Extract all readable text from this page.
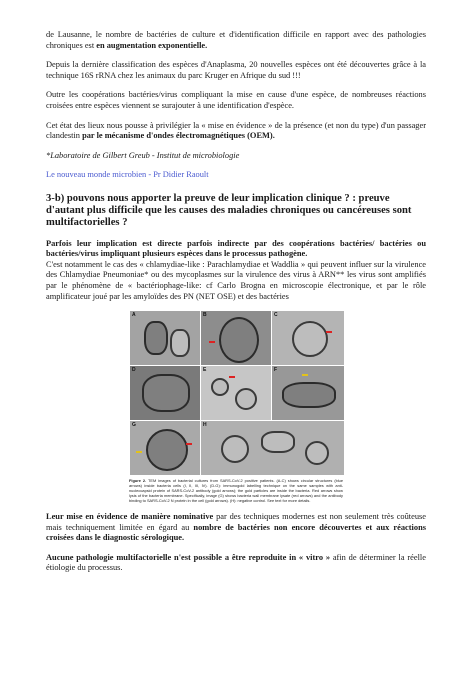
de Lausanne, le nombre de bactéries de culture et d'identification difficile en rapport avec des pathologies chroniques est en augmentation exponentielle.

Depuis la dernière classification des espèces d'Anaplasma, 20 nouvelles espèces ont été découvertes grâce à la technique 16S rRNA chez les animaux du parc Kruger en Afrique du sud !!!

Outre les coopérations bactéries/virus compliquant la mise en cause d'une espèce, de nombreuses réactions croisées entre espèces viennent se surajouter à une identification d'espèce.

Cet état des lieux nous pousse à privilégier la « mise en évidence » de la présence (et non du type) d'un passager clandestin par le mécanisme d'ondes électromagnétiques (OEM).

*Laboratoire de Gilbert Greub - Institut de microbiologie

Le nouveau monde microbien - Pr Didier Raoult

3-b) pouvons nous apporter la preuve de leur implication clinique ? : preuve d'autant plus difficile que les causes des maladies chroniques ou cancéreuses sont multifactorielles ?

Parfois leur implication est directe parfois indirecte par des coopérations bactéries/ bactéries ou bactéries/virus impliquant plusieurs espèces dans le processus pathogène.
C'est notamment le cas des « chlamydiae-like : Parachlamydiae et Waddlia » qui peuvent influer sur la virulence des Chlamydiae Pneumoniae* ou des mycoplasmes sur la virulence des virus à ARN** les virus sont amplifiés par le phénomène de « bactériophage-like: cf Carlo Brogna en microscopie électronique, et par le rôle amplificateur joué par les amyloïdes des PN (NET OSE) et des bactéries

A	B	C
D	E	F
G	H
Figure 2. TEM images of bacterial cultures from SARS-CoV-2 positive patients. (A-C) shows circular structures (blue arrows) inside bacteria cells (I, II, III, IV). (D-G): immunogold labelling technique on the same samples with anti-nucleocapsid protein of SARS-CoV-2 antibody (gold arrows); the gold particles are inside the bacteria. Red arrows show lysis of the bacteria membrane. Specifically, image (G) shows bacteria wall membrane lysate (red arrows) and the antibody binding to SARS-CoV-2 N protein in the cell (gold arrows). (H): negative control. See text for more details.

Leur mise en évidence de manière nominative par des techniques modernes est non seulement très coûteuse mais techniquement limitée en égard au nombre de bactéries non encore découvertes et aux réactions croisées dans le diagnostic sérologique.

Aucune pathologie multifactorielle n'est possible a être reproduite in « vitro » afin de déterminer la réelle étiologie du processus.
